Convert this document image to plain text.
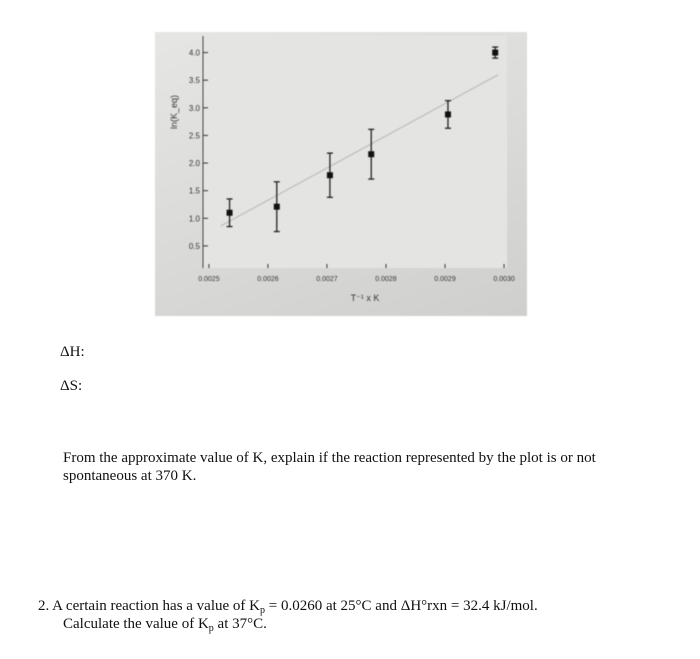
0.5
1.0
1.5
2.0
2.5
3.0
3.5
4.0
0.0025	0.0026	0.0027	0.0028	0.0029	0.0030
T⁻¹ x K
ln(K_eq)

ΔH:

ΔS:

From the approximate value of K, explain if the reaction represented by the plot is or not spontaneous at 370 K.

2. A certain reaction has a value of $K_p = 0.0260$ at 25°C and ΔH°rxn = 32.4 kJ/mol.
Calculate the value of $K_p$ at 37°C.
